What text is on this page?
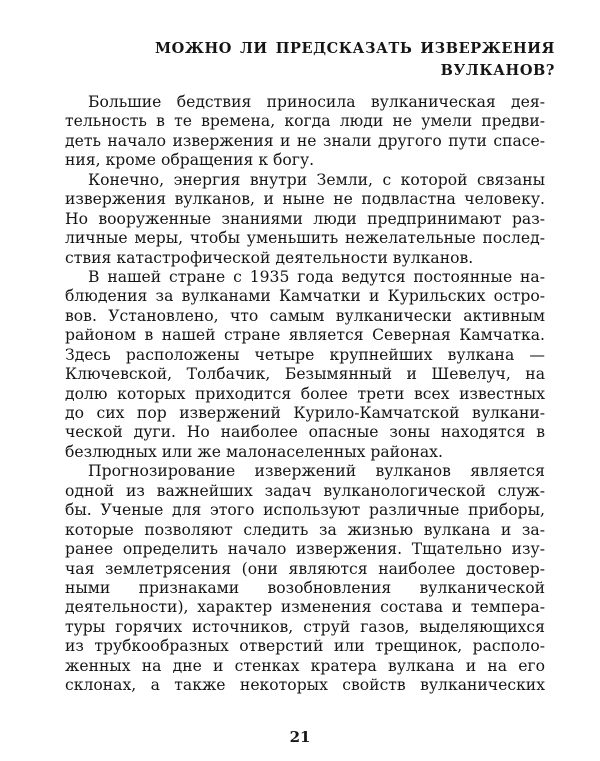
МОЖНО ЛИ ПРЕДСКАЗАТЬ ИЗВЕРЖЕНИЯ
ВУЛКАНОВ?
Большие бедствия приносила вулканическая дея-
тельность в те времена, когда люди не умели предви-
деть начало извержения и не знали другого пути спасе-
ния, кроме обращения к богу.
Конечно, энергия внутри Земли, с которой связаны
извержения вулканов, и ныне не подвластна человеку.
Но вооруженные знаниями люди предпринимают раз-
личные меры, чтобы уменьшить нежелательные послед-
ствия катастрофической деятельности вулканов.
В нашей стране с 1935 года ведутся постоянные на-
блюдения за вулканами Камчатки и Курильских остро-
вов. Установлено, что самым вулканически активным
районом в нашей стране является Северная Камчатка.
Здесь расположены четыре крупнейших вулкана —
Ключевской, Толбачик, Безымянный и Шевелуч, на
долю которых приходится более трети всех известных
до сих пор извержений Курило-Камчатской вулкани-
ческой дуги. Но наиболее опасные зоны находятся в
безлюдных или же малонаселенных районах.
Прогнозирование извержений вулканов является
одной из важнейших задач вулканологической служ-
бы. Ученые для этого используют различные приборы,
которые позволяют следить за жизнью вулкана и за-
ранее определить начало извержения. Тщательно изу-
чая землетрясения (они являются наиболее достовер-
ными признаками возобновления вулканической
деятельности), характер изменения состава и темпера-
туры горячих источников, струй газов, выделяющихся
из трубкообразных отверстий или трещинок, располо-
женных на дне и стенках кратера вулкана и на его
склонах, а также некоторых свойств вулканических
21
